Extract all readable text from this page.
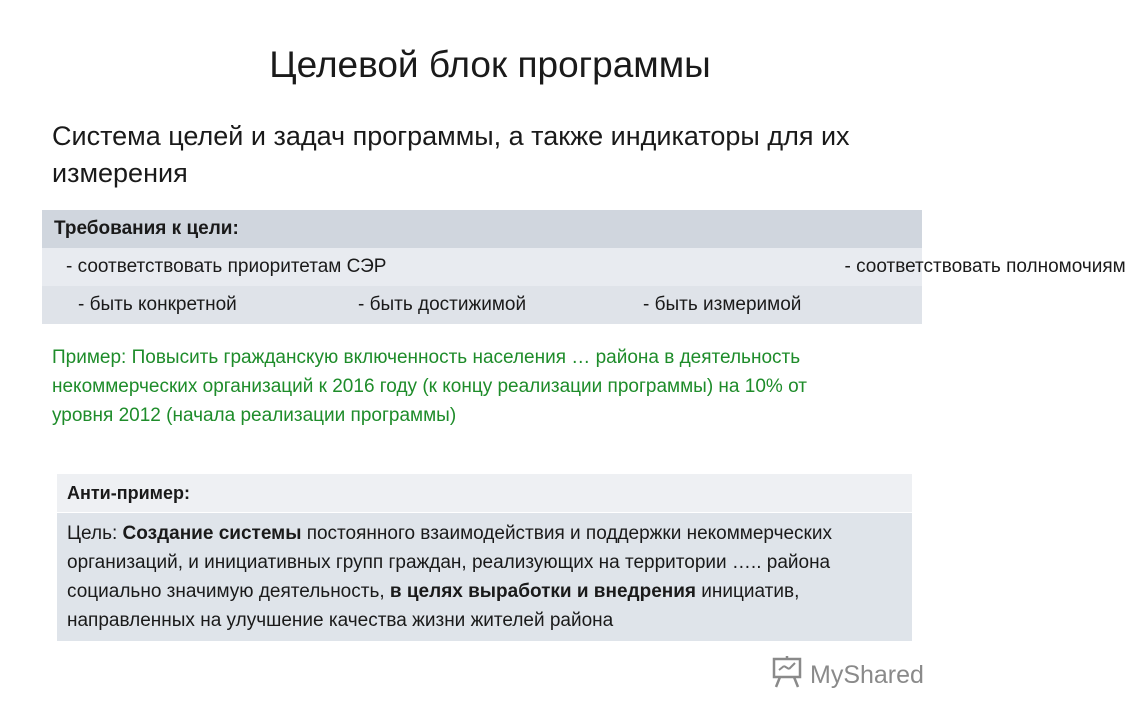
Целевой блок программы
Система целей и задач программы, а также индикаторы для их измерения
Требования к цели:
- соответствовать приоритетам СЭР	- соответствовать полномочиям
- быть конкретной	- быть достижимой	- быть измеримой
Пример: Повысить гражданскую включенность населения … района в деятельность некоммерческих организаций к 2016 году (к концу реализации программы) на 10% от уровня 2012 (начала реализации программы)
Анти-пример:
Цель: Создание системы постоянного взаимодействия и поддержки некоммерческих организаций, и инициативных групп граждан, реализующих на территории ….. района социально значимую деятельность, в целях выработки и внедрения инициатив, направленных на улучшение качества жизни жителей района
MyShared
